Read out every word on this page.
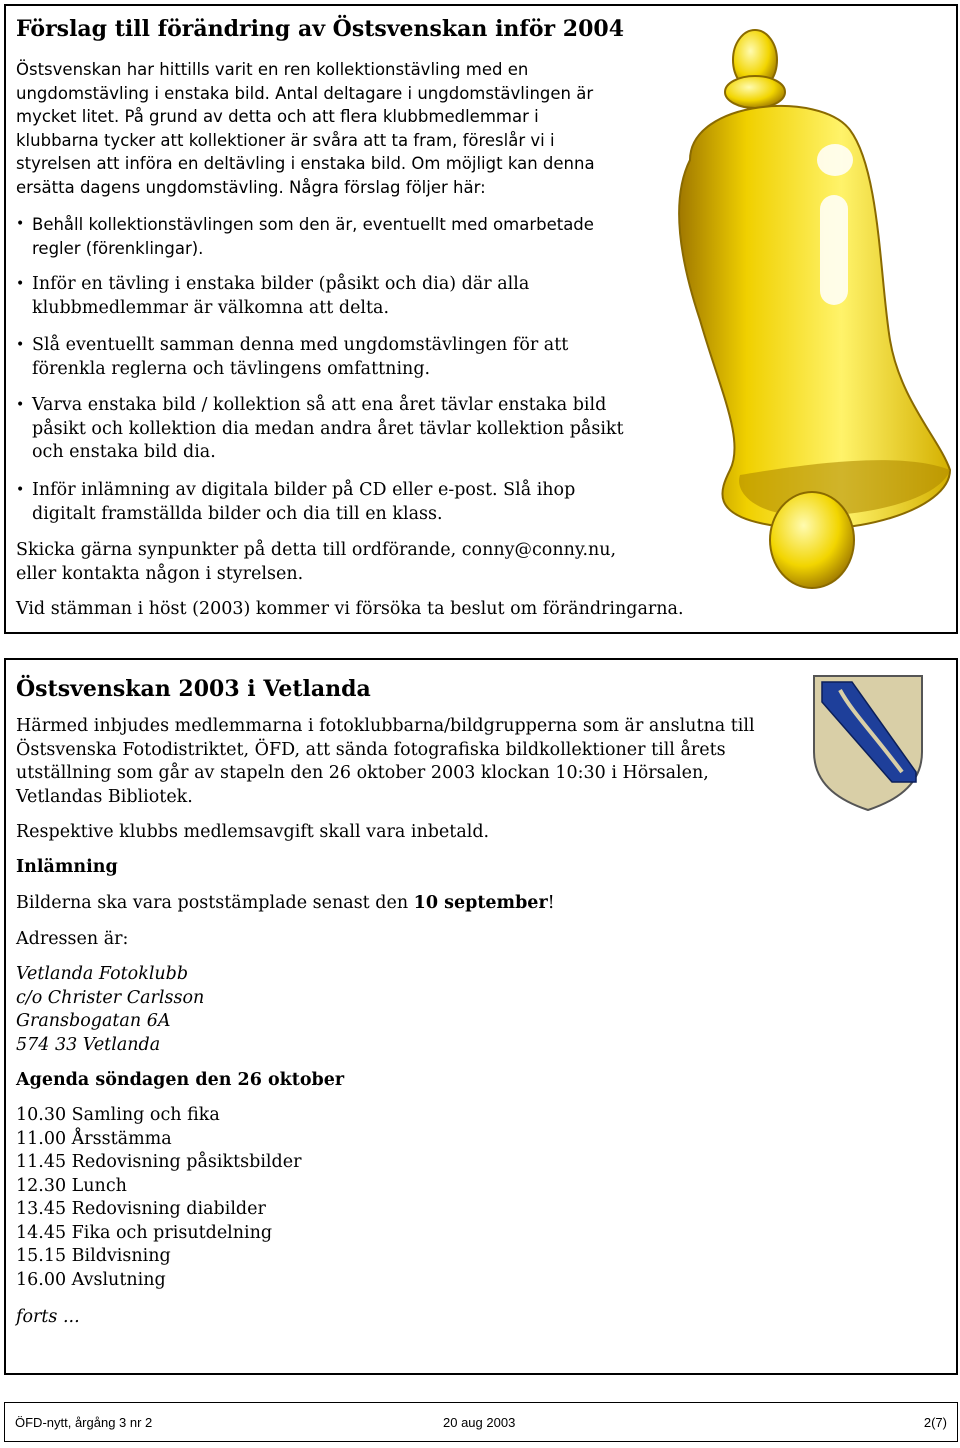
Förslag till förändring av Östsvenskan inför 2004
Östsvenskan har hittills varit en ren kollektionstävling med en
ungdomstävling i enstaka bild. Antal deltagare i ungdomstävlingen är
mycket litet. På grund av detta och att flera klubbmedlemmar i
klubbarna tycker att kollektioner är svåra att ta fram, föreslår vi i
styrelsen att införa en deltävling i enstaka bild. Om möjligt kan denna
ersätta dagens ungdomstävling. Några förslag följer här:
• Behåll kollektionstävlingen som den är, eventuellt med omarbetade
regler (förenklingar).
• Inför en tävling i enstaka bilder (påsikt och dia) där alla
klubbmedlemmar är välkomna att delta.
• Slå eventuellt samman denna med ungdomstävlingen för att
förenkla reglerna och tävlingens omfattning.
• Varva enstaka bild / kollektion så att ena året tävlar enstaka bild
påsikt och kollektion dia medan andra året tävlar kollektion påsikt
och enstaka bild dia.
• Inför inlämning av digitala bilder på CD eller e-post. Slå ihop
digitalt framställda bilder och dia till en klass.
Skicka gärna synpunkter på detta till ordförande, conny@conny.nu,
eller kontakta någon i styrelsen.
Vid stämman i höst (2003) kommer vi försöka ta beslut om förändringarna.
Östsvenskan 2003 i Vetlanda
Härmed inbjudes medlemmarna i fotoklubbarna/bildgrupperna som är anslutna till
Östsvenska Fotodistriktet, ÖFD, att sända fotografiska bildkollektioner till årets
utställning som går av stapeln den 26 oktober 2003 klockan 10:30 i Hörsalen,
Vetlandas Bibliotek.
Respektive klubbs medlemsavgift skall vara inbetald.
Inlämning
Bilderna ska vara poststämplade senast den 10 september!
Adressen är:
Vetlanda Fotoklubb
c/o Christer Carlsson
Gransbogatan 6A
574 33 Vetlanda
Agenda söndagen den 26 oktober
10.30 Samling och fika
11.00 Årsstämma
11.45 Redovisning påsiktsbilder
12.30 Lunch
13.45 Redovisning diabilder
14.45 Fika och prisutdelning
15.15 Bildvisning
16.00 Avslutning
forts ...
ÖFD-nytt, årgång 3 nr 2	20 aug 2003	2(7)
